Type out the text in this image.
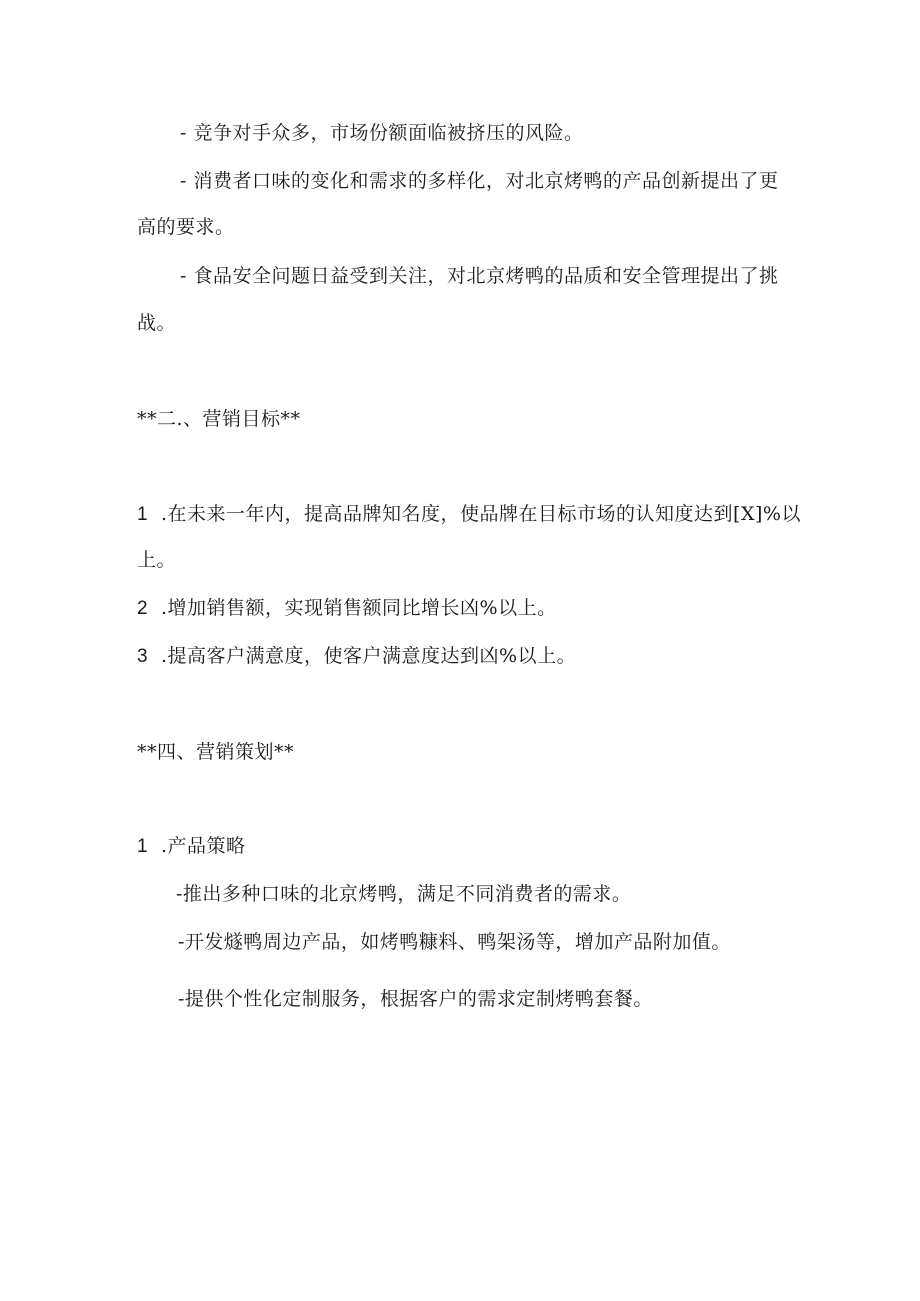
- 竞争对手众多，市场份额面临被挤压的风险。
- 消费者口味的变化和需求的多样化，对北京烤鸭的产品创新提出了更
高的要求。
- 食品安全问题日益受到关注，对北京烤鸭的品质和安全管理提出了挑
战。
**二.、营销目标**
1 .在未来一年内，提高品牌知名度，使品牌在目标市场的认知度达到[X]%以
上。
2 .增加销售额，实现销售额同比增长凶%以上。
3 .提高客户满意度，使客户满意度达到凶%以上。
**四、营销策划**
1 .产品策略
-推出多种口味的北京烤鸭，满足不同消费者的需求。
-开发燧鸭周边产品，如烤鸭糠料、鸭架汤等，增加产品附加值。
-提供个性化定制服务，根据客户的需求定制烤鸭套餐。
